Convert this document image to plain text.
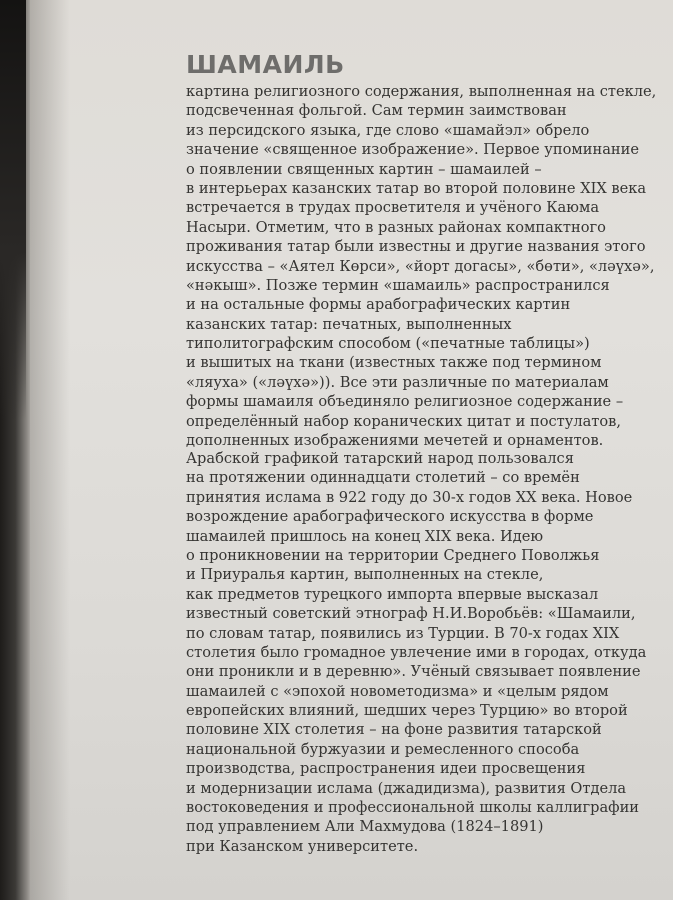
ШАМАИЛЬ
картина религиозного содержания, выполненная на стекле,
подсвеченная фольгой. Сам термин заимствован
из персидского языка, где слово «шамайэл» обрело
значение «священное изображение». Первое упоминание
о появлении священных картин – шамаилей –
в интерьерах казанских татар во второй половине XIX века
встречается в трудах просветителя и учёного Каюма
Насыри. Отметим, что в разных районах компактного
проживания татар были известны и другие названия этого
искусства – «Аятел Көрси», «йорт догасы», «бөти», «ләүхә»,
«нәкыш». Позже термин «шамаиль» распространился
и на остальные формы арабографических картин
казанских татар: печатных, выполненных
типолитографским способом («печатные таблицы»)
и вышитых на ткани (известных также под термином
«ляуха» («ләүхә»)). Все эти различные по материалам
формы шамаиля объединяло религиозное содержание –
определённый набор коранических цитат и постулатов,
дополненных изображениями мечетей и орнаментов.
Арабской графикой татарский народ пользовался
на протяжении одиннадцати столетий – со времён
принятия ислама в 922 году до 30-х годов XX века. Новое
возрождение арабографического искусства в форме
шамаилей пришлось на конец XIX века. Идею
о проникновении на территории Среднего Поволжья
и Приуралья картин, выполненных на стекле,
как предметов турецкого импорта впервые высказал
известный советский этнограф Н.И.Воробьёв: «Шамаили,
по словам татар, появились из Турции. В 70-х годах XIX
столетия было громадное увлечение ими в городах, откуда
они проникли и в деревню». Учёный связывает появление
шамаилей с «эпохой новометодизма» и «целым рядом
европейских влияний, шедших через Турцию» во второй
половине XIX столетия – на фоне развития татарской
национальной буржуазии и ремесленного способа
производства, распространения идеи просвещения
и модернизации ислама (джадидизма), развития Отдела
востоковедения и профессиональной школы каллиграфии
под управлением Али Махмудова (1824–1891)
при Казанском университете.
